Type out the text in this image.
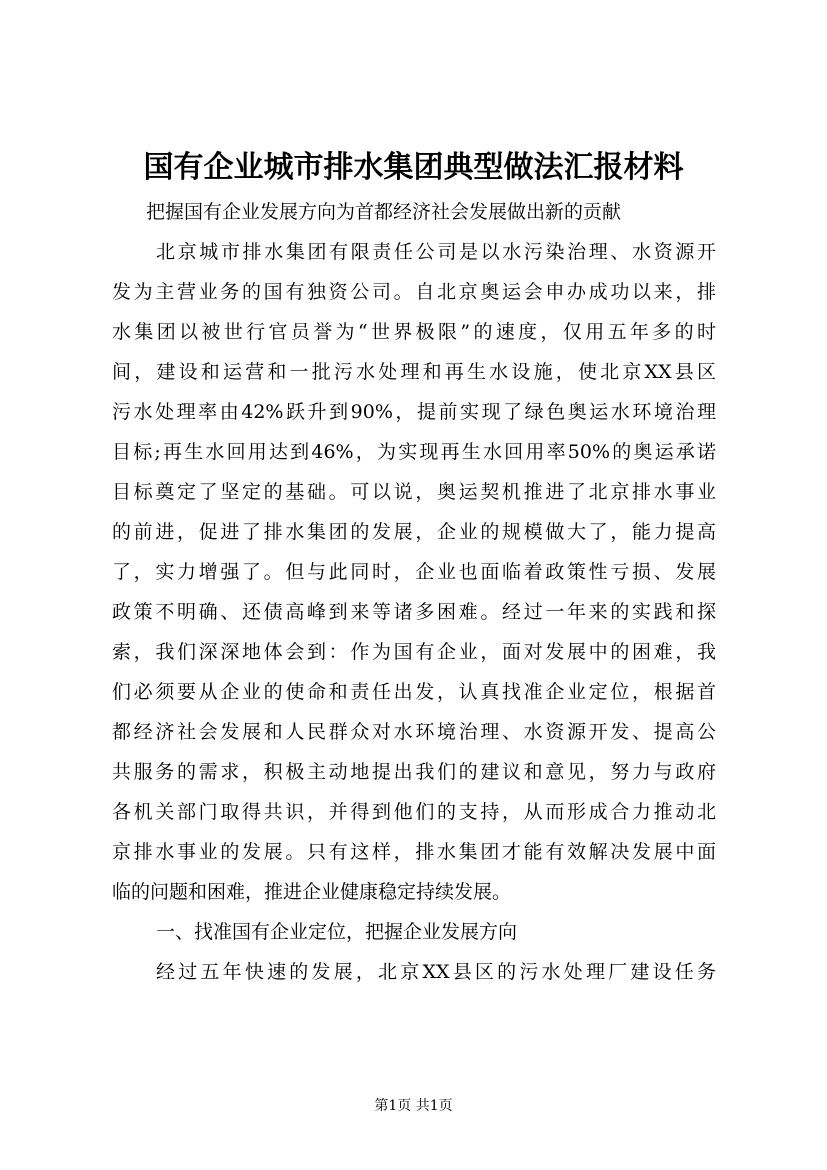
国有企业城市排水集团典型做法汇报材料
把握国有企业发展方向为首都经济社会发展做出新的贡献
北京城市排水集团有限责任公司是以水污染治理、水资源开
发为主营业务的国有独资公司。自北京奥运会申办成功以来，排
水集团以被世行官员誉为“世界极限”的速度，仅用五年多的时
间，建设和运营和一批污水处理和再生水设施，使北京XX县区
污水处理率由42%跃升到90%，提前实现了绿色奥运水环境治理
目标;再生水回用达到46%，为实现再生水回用率50%的奥运承诺
目标奠定了坚定的基础。可以说，奥运契机推进了北京排水事业
的前进，促进了排水集团的发展，企业的规模做大了，能力提高
了，实力增强了。但与此同时，企业也面临着政策性亏损、发展
政策不明确、还债高峰到来等诸多困难。经过一年来的实践和探
索，我们深深地体会到：作为国有企业，面对发展中的困难，我
们必须要从企业的使命和责任出发，认真找准企业定位，根据首
都经济社会发展和人民群众对水环境治理、水资源开发、提高公
共服务的需求，积极主动地提出我们的建议和意见，努力与政府
各机关部门取得共识，并得到他们的支持，从而形成合力推动北
京排水事业的发展。只有这样，排水集团才能有效解决发展中面
临的问题和困难，推进企业健康稳定持续发展。
一、找准国有企业定位，把握企业发展方向
经过五年快速的发展，北京XX县区的污水处理厂建设任务
第1页 共1页
